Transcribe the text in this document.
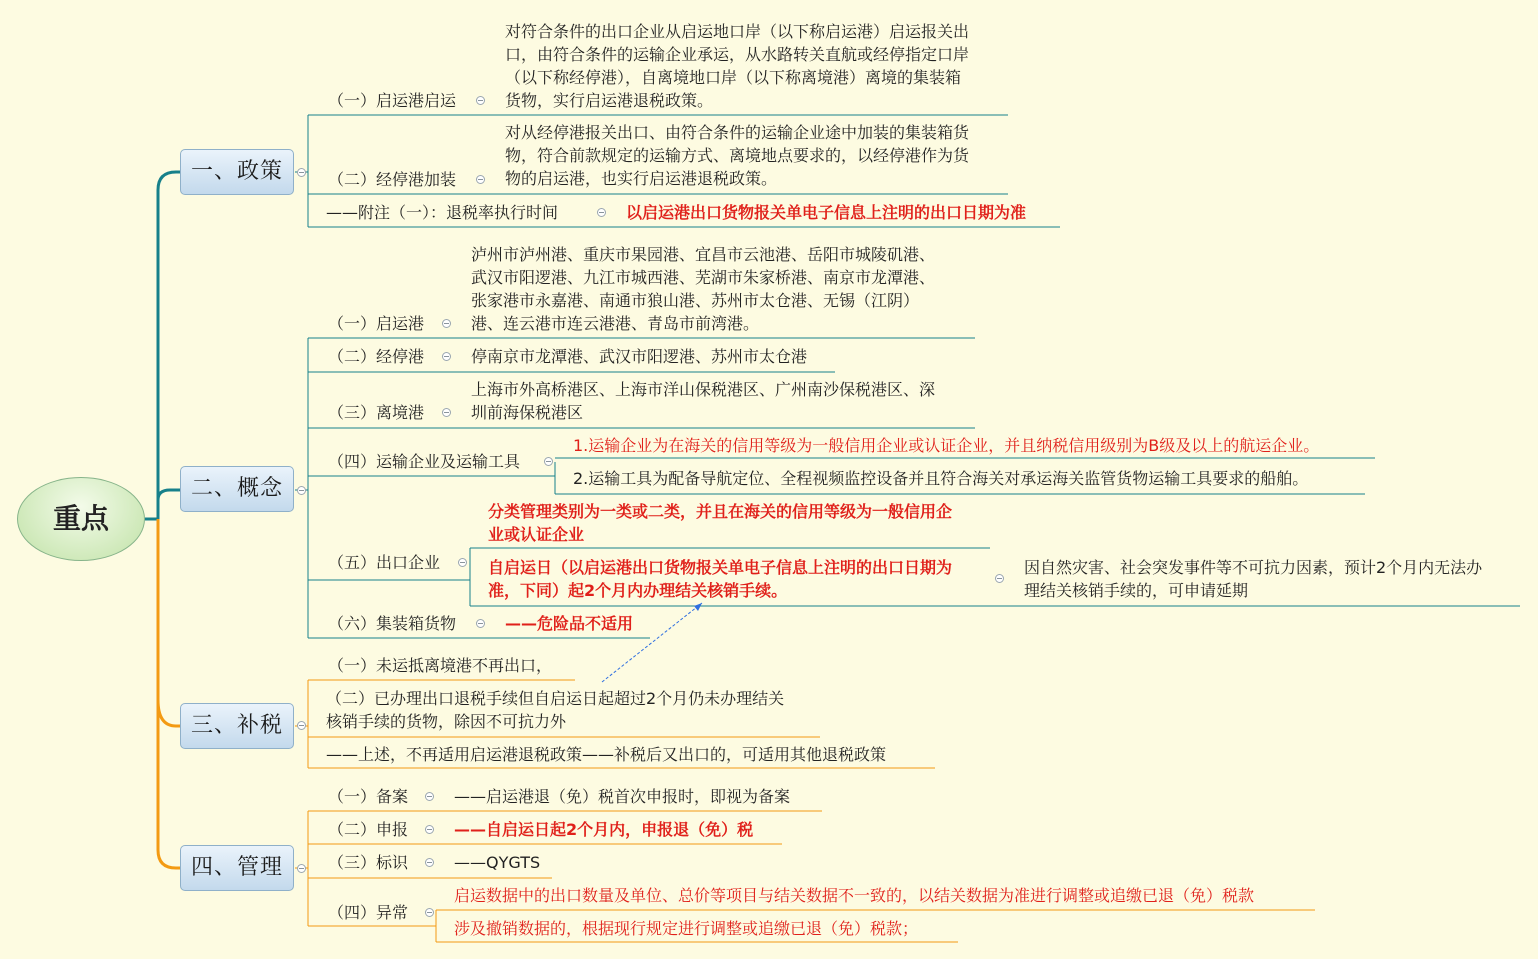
重点
一、政策
二、概念
三、补税
四、管理
（一）启运港启运
对符合条件的出口企业从启运地口岸（以下称启运港）启运报关出
口，由符合条件的运输企业承运，从水路转关直航或经停指定口岸
（以下称经停港），自离境地口岸（以下称离境港）离境的集装箱
货物，实行启运港退税政策。
（二）经停港加装
对从经停港报关出口、由符合条件的运输企业途中加装的集装箱货
物，符合前款规定的运输方式、离境地点要求的，以经停港作为货
物的启运港，也实行启运港退税政策。
——附注（一）：退税率执行时间	以启运港出口货物报关单电子信息上注明的出口日期为准
（一）启运港
泸州市泸州港、重庆市果园港、宜昌市云池港、岳阳市城陵矶港、
武汉市阳逻港、九江市城西港、芜湖市朱家桥港、南京市龙潭港、
张家港市永嘉港、南通市狼山港、苏州市太仓港、无锡（江阴）
港、连云港市连云港港、青岛市前湾港。
（二）经停港	停南京市龙潭港、武汉市阳逻港、苏州市太仓港
（三）离境港
上海市外高桥港区、上海市洋山保税港区、广州南沙保税港区、深
圳前海保税港区
（四）运输企业及运输工具
1.运输企业为在海关的信用等级为一般信用企业或认证企业，并且纳税信用级别为B级及以上的航运企业。
2.运输工具为配备导航定位、全程视频监控设备并且符合海关对承运海关监管货物运输工具要求的船舶。
（五）出口企业
分类管理类别为一类或二类，并且在海关的信用等级为一般信用企
业或认证企业
自启运日（以启运港出口货物报关单电子信息上注明的出口日期为
准，下同）起2个月内办理结关核销手续。
因自然灾害、社会突发事件等不可抗力因素，预计2个月内无法办
理结关核销手续的，可申请延期
（六）集装箱货物	——危险品不适用
（一）未运抵离境港不再出口，
（二）已办理出口退税手续但自启运日起超过2个月仍未办理结关
核销手续的货物，除因不可抗力外
——上述，不再适用启运港退税政策——补税后又出口的，可适用其他退税政策
（一）备案	——启运港退（免）税首次申报时，即视为备案
（二）申报	——自启运日起2个月内，申报退（免）税
（三）标识	——QYGTS
（四）异常
启运数据中的出口数量及单位、总价等项目与结关数据不一致的，以结关数据为准进行调整或追缴已退（免）税款
涉及撤销数据的，根据现行规定进行调整或追缴已退（免）税款；
